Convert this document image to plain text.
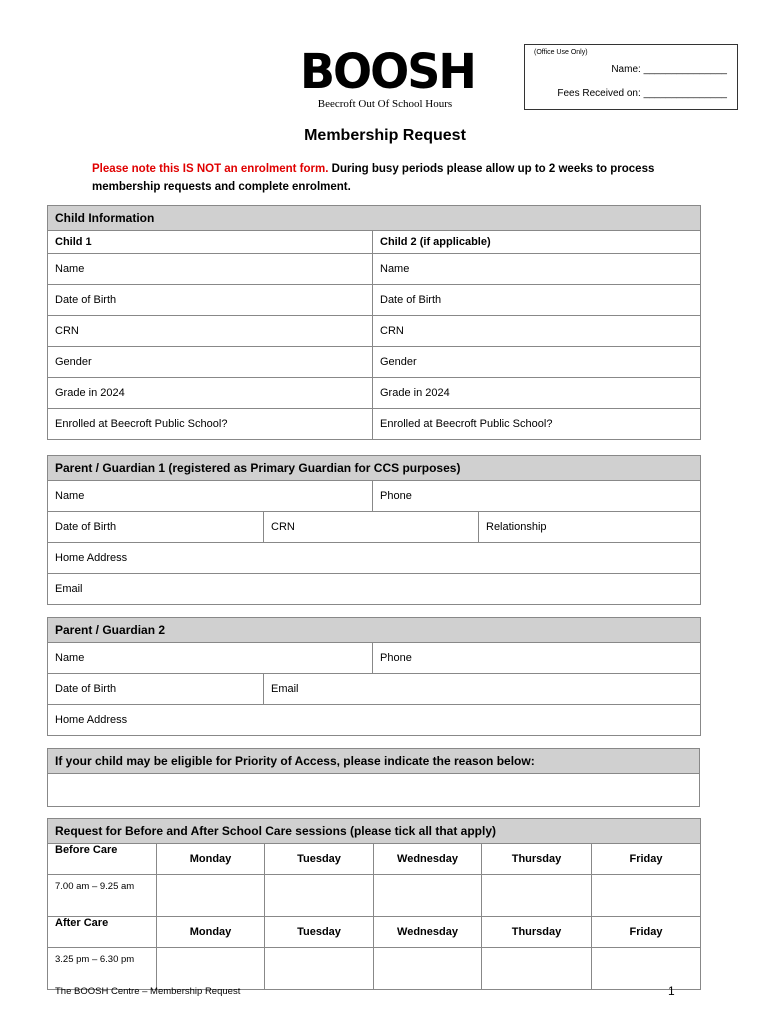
BOOSH
Beecroft Out Of School Hours
(Office Use Only)
Name: _______________
Fees Received on: _______________
Membership Request
Please note this IS NOT an enrolment form. During busy periods please allow up to 2 weeks to process membership requests and complete enrolment.
Child Information	
Child 1	Child 2 (if applicable)
Name	Name
Date of Birth	Date of Birth
CRN	CRN
Gender	Gender
Grade in 2024	Grade in 2024
Enrolled at Beecroft Public School?	Enrolled at Beecroft Public School?
Parent / Guardian 1 (registered as Primary Guardian for CCS purposes)			
Name		Phone	
Date of Birth	CRN		Relationship
Home Address			
Email			
Parent / Guardian 2		
Name		Phone
Date of Birth	Email	
Home Address		
If your child may be eligible for Priority of Access, please indicate the reason below:

Request for Before and After School Care sessions (please tick all that apply)					
Before Care	Monday	Tuesday	Wednesday	Thursday	Friday
7.00 am – 9.25 am					
After Care	Monday	Tuesday	Wednesday	Thursday	Friday
3.25 pm – 6.30 pm					
The BOOSH Centre – Membership Request	1
